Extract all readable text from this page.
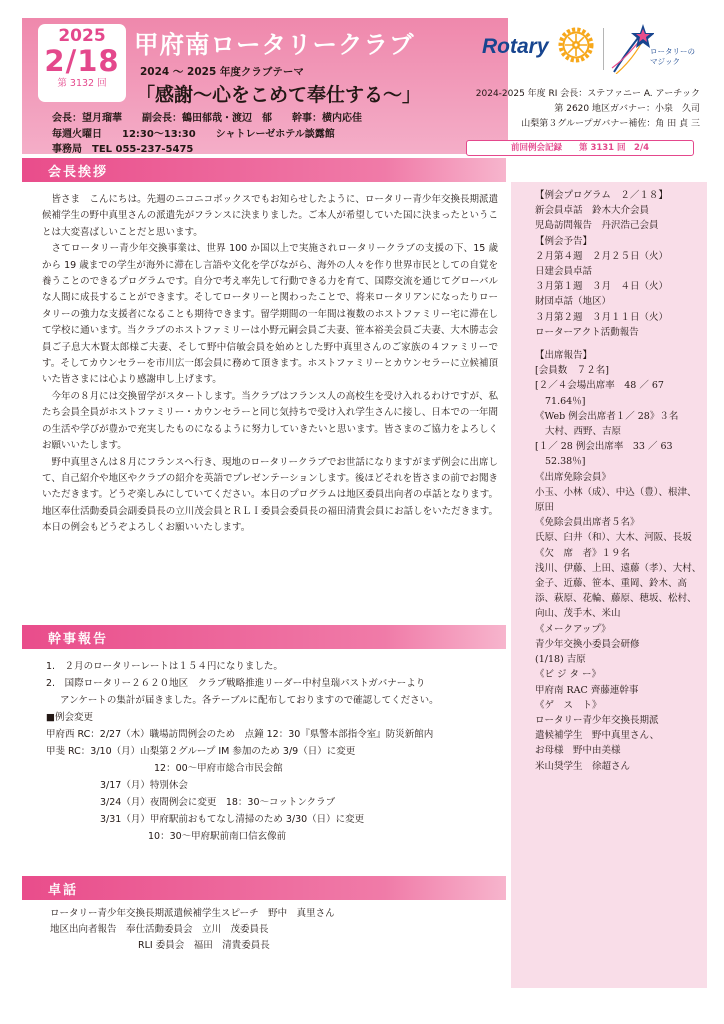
2025
2/18
第 3132 回
甲府南ロータリークラブ
2024 ～ 2025 年度クラブテーマ
「感謝～心をこめて奉仕する～」
会長：望月瑠華　　副会長：鶴田郁哉・渡辺　郁　　幹事：横内応佳
毎週火曜日　　12:30～13:30　　シャトレーゼホテル談露館
事務局　TEL 055-237-5475
Rotary	ロータリーの
マジック
2024-2025 年度 RI 会長：ステファニー A. アーチック
第 2620 地区ガバナー：小泉　久司
山梨第３グループガバナー補佐：角 田 貞 三
前回例会記録　　第 3131 回　2/4
会長挨拶

皆さま　こんにちは。先週のニコニコボックスでもお知らせしたように、ロータリー青少年交換長期派遣候補学生の野中真里さんの派遣先がフランスに決まりました。ご本人が希望していた国に決まったということは大変喜ばしいことだと思います。

さてロータリー青少年交換事業は、世界 100 か国以上で実施されロータリークラブの支援の下、15 歳から 19 歳までの学生が海外に滞在し言語や文化を学びながら、海外の人々を作り世界市民としての自覚を養うことのできるプログラムです。自分で考え率先して行動できる力を育て、国際交流を通じてグローバルな人間に成長することができます。そしてロータリーと関わったことで、将来ロータリアンになったりロータリーの強力な支援者になることも期待できます。留学期間の一年間は複数のホストファミリー宅に滞在して学校に通います。当クラブのホストファミリーは小野元嗣会員ご夫妻、笹本裕美会員ご夫妻、大木勝志会員ご子息大木賢太郎様ご夫妻、そして野中信敏会員を始めとした野中真里さんのご家族の４ファミリーです。そしてカウンセラーを市川広一郎会員に務めて頂きます。ホストファミリーとカウンセラーに立候補頂いた皆さまには心より感謝申し上げます。

今年の８月には交換留学がスタートします。当クラブはフランス人の高校生を受け入れるわけですが、私たち会員全員がホストファミリー・カウンセラーと同じ気持ちで受け入れ学生さんに接し、日本での一年間の生活や学びが豊かで充実したものになるように努力していきたいと思います。皆さまのご協力をよろしくお願いいたします。

野中真里さんは８月にフランスへ行き、現地のロータリークラブでお世話になりますがまず例会に出席して、自己紹介や地区やクラブの紹介を英語でプレゼンテーションします。後ほどそれを皆さまの前でお聞きいただきます。どうぞ楽しみにしていてください。本日のプログラムは地区委員出向者の卓話となります。地区奉仕活動委員会副委員長の立川茂会員とＲＬＩ委員会委員長の福田清貴会員にお話しをいただきます。本日の例会もどうぞよろしくお願いいたします。

幹事報告
1.　２月のロータリーレートは１５４円になりました。
2.　国際ロータリー２６２０地区　クラブ戦略推進リーダー中村皇瑞パストガバナーより
アンケートの集計が届きました。各テーブルに配布しておりますので確認してください。
■例会変更
甲府西 RC：2/27（木）職場訪問例会のため　点鐘 12：30『県警本部指令室』防災新館内
甲斐 RC：3/10（月）山梨第２グループ IM 参加のため 3/9（日）に変更
12：00～甲府市総合市民会館
3/17（月）特別休会
3/24（月）夜間例会に変更　18：30～コットンクラブ
3/31（月）甲府駅前おもてなし清掃のため 3/30（日）に変更
10：30～甲府駅前南口信玄像前
卓話
ロータリー青少年交換長期派遣候補学生スピーチ　野中　真里さん
地区出向者報告　奉仕活動委員会　立川　茂委員長
RLI 委員会　福田　清貴委員長
【例会プログラム　２／１８】
新会員卓話　鈴木大介会員
児島訪問報告　丹沢浩己会員
【例会予告】
２月第４週　２月２５日（火）
日建会員卓話
３月第１週　３月　４日（火）
財団卓話（地区）
３月第２週　３月１１日（火）
ローターアクト活動報告
【出席報告】
[会員数　７２名]
[２／４会場出席率　48 ／ 67
71.64％]
《Web 例会出席者１／ 28》３名
大村、西野、吉原
[１／ 28 例会出席率　33 ／ 63
52.38％]
《出席免除会員》
小玉、小林（成）、中込（豊）、根津、原田
《免除会員出席者５名》
氏原、臼井（和）、大木、河阪、長坂
《欠　席　者》１９名
浅川、伊藤、上田、遠藤（孝）、大村、金子、近藤、笹本、重岡、鈴木、高添、萩原、花輪、藤原、穂坂、松村、向山、茂手木、米山
《メークアップ》
青少年交換小委員会研修
(1/18) 吉原
《ビ ジ タ ー》
甲府南 RAC 齊藤連幹事
《ゲ　ス　ト》
ロータリー青少年交換長期派
遣候補学生　野中真里さん、
お母様　野中由美様
米山奨学生　徐超さん
